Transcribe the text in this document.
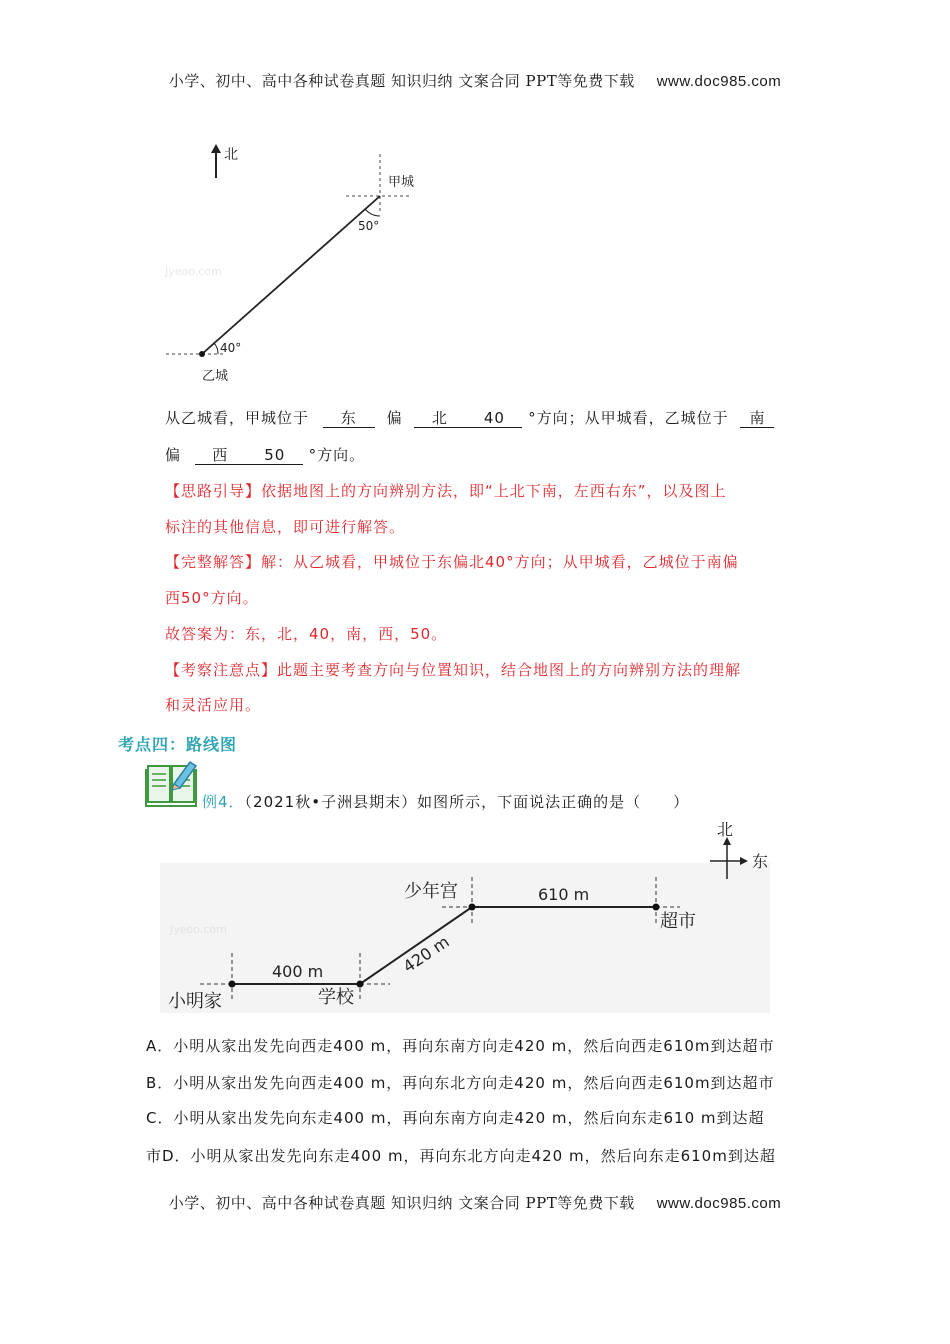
小学、初中、高中各种试卷真题 知识归纳 文案合同 PPT等免费下载 www.doc985.com
Jyeoo.com
北
甲城
50°
40°
乙城
从乙城看，甲城位于 东 偏 北 40 °方向；从甲城看，乙城位于 南
偏 西 50 °方向。
【思路引导】依据地图上的方向辨别方法，即“上北下南，左西右东”，以及图上
标注的其他信息，即可进行解答。
【完整解答】解：从乙城看，甲城位于东偏北40°方向；从甲城看，乙城位于南偏
西50°方向。
故答案为：东，北，40，南，西，50。
【考察注意点】此题主要考查方向与位置知识，结合地图上的方向辨别方法的理解
和灵活应用。
考点四：路线图
例4．（2021秋•子洲县期末）如图所示，下面说法正确的是（　　）
Jyeoo.com
北
东
小明家	学校
少年宫
超市
400 m	420 m
610 m
A．小明从家出发先向西走400 m，再向东南方向走420 m，然后向西走610m到达超市
B．小明从家出发先向西走400 m，再向东北方向走420 m，然后向西走610m到达超市
C．小明从家出发先向东走400 m，再向东南方向走420 m，然后向东走610 m到达超
市D．小明从家出发先向东走400 m，再向东北方向走420 m，然后向东走610m到达超
小学、初中、高中各种试卷真题 知识归纳 文案合同 PPT等免费下载 www.doc985.com
